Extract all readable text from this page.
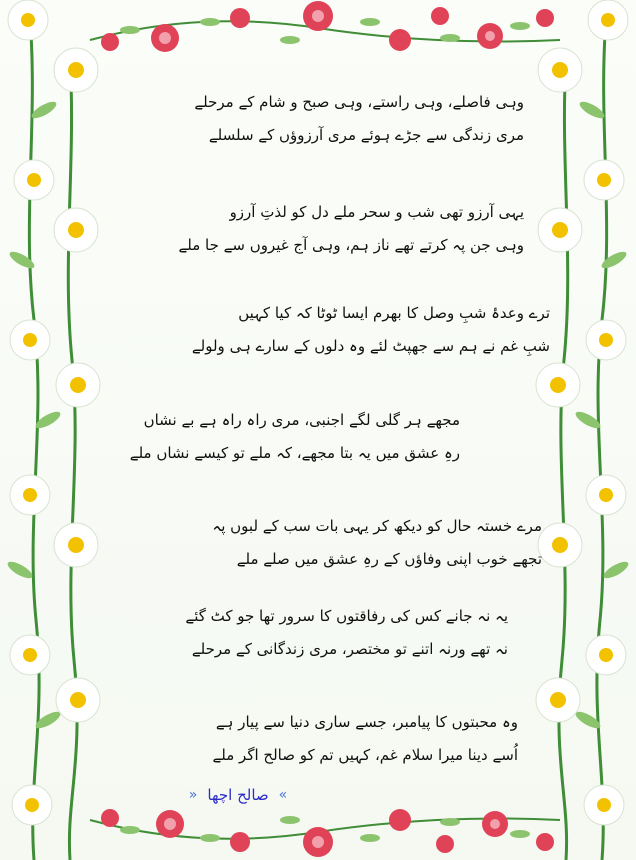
وہی فاصلے، وہی راستے، وہی صبح و شام کے مرحلے
مری زندگی سے جڑے ہوئے مری آرزوؤں کے سلسلے
یہی آرزو تھی شب و سحر ملے دل کو لذتِ آرزو
وہی جن پہ کرتے تھے ناز ہم، وہی آج غیروں سے جا ملے
ترے وعدۂ شبِ وصل کا بھرم ایسا ٹوٹا کہ کیا کہیں
شبِ غم نے ہم سے جھپٹ لئے وہ دلوں کے سارے ہی ولولے
مجھے ہر گلی لگے اجنبی، مری راہ راہ ہے بے نشاں
رہِ عشق میں یہ بتا مجھے، کہ ملے تو کیسے نشاں ملے
مرے خستہ حال کو دیکھ کر یہی بات سب کے لبوں پہ
تجھے خوب اپنی وفاؤں کے رہِ عشق میں صلے ملے
یہ نہ جانے کس کی رفاقتوں کا سرور تھا جو کٹ گئے
نہ تھے ورنہ اتنے تو مختصر، مری زندگانی کے مرحلے
وہ محبتوں کا پیامبر، جسے ساری دنیا سے پیار ہے
اُسے دینا میرا سلام غم، کہیں تم کو صالح اگر ملے
»
صالح اچھا
«
